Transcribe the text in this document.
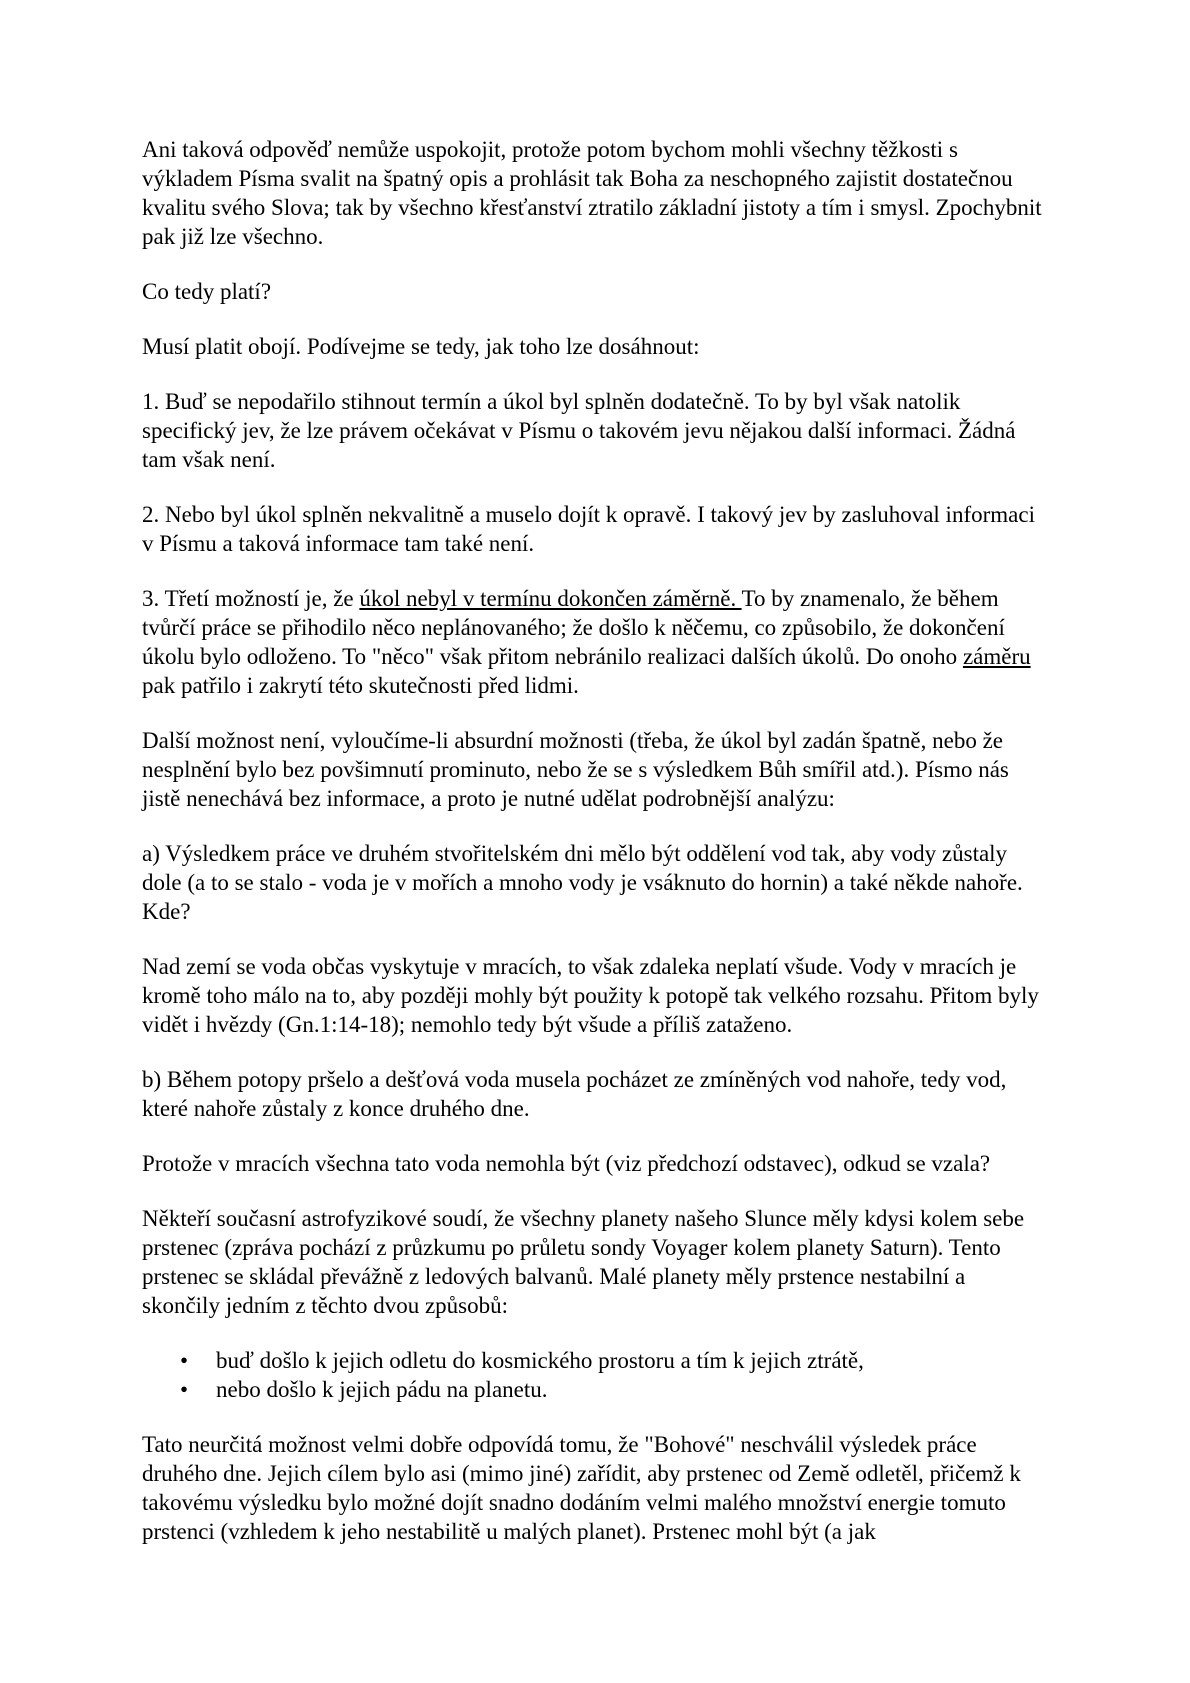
Ani taková odpověď nemůže uspokojit, protože potom bychom mohli všechny těžkosti s výkladem Písma svalit na špatný opis a prohlásit tak Boha za neschopného zajistit dostatečnou kvalitu svého Slova; tak by všechno křesťanství ztratilo základní jistoty a tím i smysl. Zpochybnit pak již lze všechno.

Co tedy platí?

Musí platit obojí. Podívejme se tedy, jak toho lze dosáhnout:

1. Buď se nepodařilo stihnout termín a úkol byl splněn dodatečně. To by byl však natolik specifický jev, že lze právem očekávat v Písmu o takovém jevu nějakou další informaci. Žádná tam však není.

2. Nebo byl úkol splněn nekvalitně a muselo dojít k opravě. I takový jev by zasluhoval informaci v Písmu a taková informace tam také není.

3. Třetí možností je, že úkol nebyl v termínu dokončen záměrně. To by znamenalo, že během tvůrčí práce se přihodilo něco neplánovaného; že došlo k něčemu, co způsobilo, že dokončení úkolu bylo odloženo. To "něco" však přitom nebránilo realizaci dalších úkolů. Do onoho záměru pak patřilo i zakrytí této skutečnosti před lidmi.

Další možnost není, vyloučíme-li absurdní možnosti (třeba, že úkol byl zadán špatně, nebo že nesplnění bylo bez povšimnutí prominuto, nebo že se s výsledkem Bůh smířil atd.). Písmo nás jistě nenechává bez informace, a proto je nutné udělat podrobnější analýzu:

a) Výsledkem práce ve druhém stvořitelském dni mělo být oddělení vod tak, aby vody zůstaly dole (a to se stalo - voda je v mořích a mnoho vody je vsáknuto do hornin) a také někde nahoře. Kde?

Nad zemí se voda občas vyskytuje v mracích, to však zdaleka neplatí všude. Vody v mracích je kromě toho málo na to, aby později mohly být použity k potopě tak velkého rozsahu. Přitom byly vidět i hvězdy (Gn.1:14-18); nemohlo tedy být všude a příliš zataženo.

b) Během potopy pršelo a dešťová voda musela pocházet ze zmíněných vod nahoře, tedy vod, které nahoře zůstaly z konce druhého dne.

Protože v mracích všechna tato voda nemohla být (viz předchozí odstavec), odkud se vzala?

Někteří současní astrofyzikové soudí, že všechny planety našeho Slunce měly kdysi kolem sebe prstenec (zpráva pochází z průzkumu po průletu sondy Voyager kolem planety Saturn). Tento prstenec se skládal převážně z ledových balvanů. Malé planety měly prstence nestabilní a skončily jedním z těchto dvou způsobů:

• buď došlo k jejich odletu do kosmického prostoru a tím k jejich ztrátě,
• nebo došlo k jejich pádu na planetu.

Tato neurčitá možnost velmi dobře odpovídá tomu, že "Bohové" neschválil výsledek práce druhého dne. Jejich cílem bylo asi (mimo jiné) zařídit, aby prstenec od Země odletěl, přičemž k takovému výsledku bylo možné dojít snadno dodáním velmi malého množství energie tomuto prstenci (vzhledem k jeho nestabilitě u malých planet). Prstenec mohl být (a jak
